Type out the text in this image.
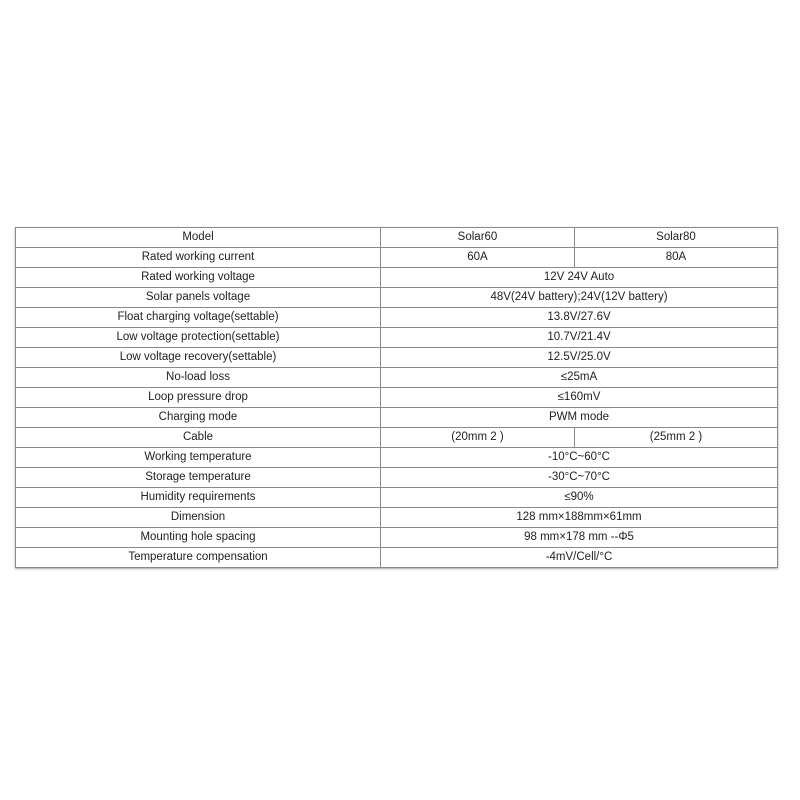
Model	Solar60	Solar80
Rated working current	60A	80A
Rated working voltage	12V 24V Auto	
Solar panels voltage	48V(24V battery);24V(12V battery)	
Float charging voltage(settable)	13.8V/27.6V	
Low voltage protection(settable)	10.7V/21.4V	
Low voltage recovery(settable)	12.5V/25.0V	
No-load loss	≤25mA	
Loop pressure drop	≤160mV	
Charging mode	PWM mode	
Cable	(20mm 2 )	(25mm 2 )
Working temperature	-10°C~60°C	
Storage temperature	-30°C~70°C	
Humidity requirements	≤90%	
Dimension	128 mm×188mm×61mm	
Mounting hole spacing	98 mm×178 mm --Φ5	
Temperature compensation	-4mV/Cell/°C	
